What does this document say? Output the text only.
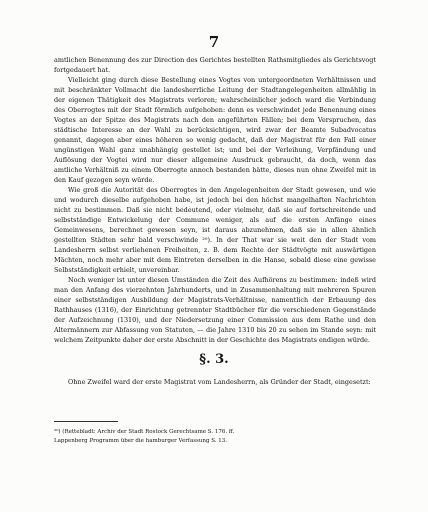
7

amtlichen Benennung des zur Direction des Gerichtes bestellten Rathsmitgliedes als Gerichtsvogt fortgedauert hat.

Vielleicht ging durch diese Bestellung eines Vogtes von untergeordneten Verhältnissen und mit beschränkter Vollmacht die landesherrliche Leitung der Stadtangelegenheiten allmählig in der eigenen Thätigkeit des Magistrats verloren; wahrscheinlicher jedoch ward die Verbindung des Oberrogtes mit der Stadt förmlich aufgehoben: denn es verschwindet jede Benennung eines Vogtes an der Spitze des Magistrats nach den angeführten Fällen; bei dem Verspruchen, das städtische Interesse an der Wahl zu berücksichtigen, wird zwar der Beamte Subadvocatus genannt, dagegen aber eines höheren so wenig gedacht, daß der Magistrat für den Fall einer ungünstigen Wahl ganz unabhängig gestellet ist; und bei der Verleihung, Verpfändung und Auflösung der Vogtei wird nur dieser allgemeine Ausdruck gebraucht, da doch, wenn das amtliche Verhältniß zu einem Oberrogte annoch bestanden hätte, dieses nun ohne Zweifel mit in den Kauf gezogen seyn würde.

Wie groß die Autorität des Oberrogtes in den Angelegenheiten der Stadt gewesen, und wie und wodurch dieselbe aufgehoben habe, ist jedoch bei den höchst mangelhaften Nachrichten nicht zu bestimmen. Daß sie nicht bedeutend, oder vielmehr, daß sie auf fortschreitende und selbstständige Entwickelung der Commune weniger, als auf die ersten Anfänge eines Gemeinwesens, berechnet gewesen seyn, ist daraus abzunehmen, daß sie in allen ähnlich gestellten Städten sehr bald verschwinde ²⁰). In der That war sie weit den der Stadt vom Landesherrn selbst verliehenen Freiheiten, z. B. dem Rechte der Städtvögte mit auswärtigen Mächten, noch mehr aber mit dem Eintreten derselben in die Hanse, sobald diese eine gewisse Selbstständigkeit erhielt, unvereinbar.

Noch weniger ist unter diesen Umständen die Zeit des Aufhörens zu bestimmen: indeß wird man den Anfang des vierzehnten Jahrhunderts, und in Zusammenhaltung mit mehreren Spuren einer selbstständigen Ausbildung der Magistrats-Verhältnisse, namentlich der Erbauung des Rathhauses (1316), der Einrichtung getrennter Stadtbücher für die verschiedenen Gegenstände der Aufzeichnung (1310), und der Niedersetzung einer Commission aus dem Rathe und den Altermännern zur Abfassung von Statuten, — die Jahre 1310 bis 20 zu sehen im Stande seyn: mit welchem Zeitpunkte daher der erste Abschnitt in der Geschichte des Magistrats endigen würde.

§. 3.

Ohne Zweifel ward der erste Magistrat vom Landesherrn, als Gründer der Stadt, eingesetzt:

²⁰) (Rettebladt: Archiv der Stadt Rostock Gerechtsame S. 176. ff.

Lappenberg Programm über die hamburger Verfassung S. 13.
